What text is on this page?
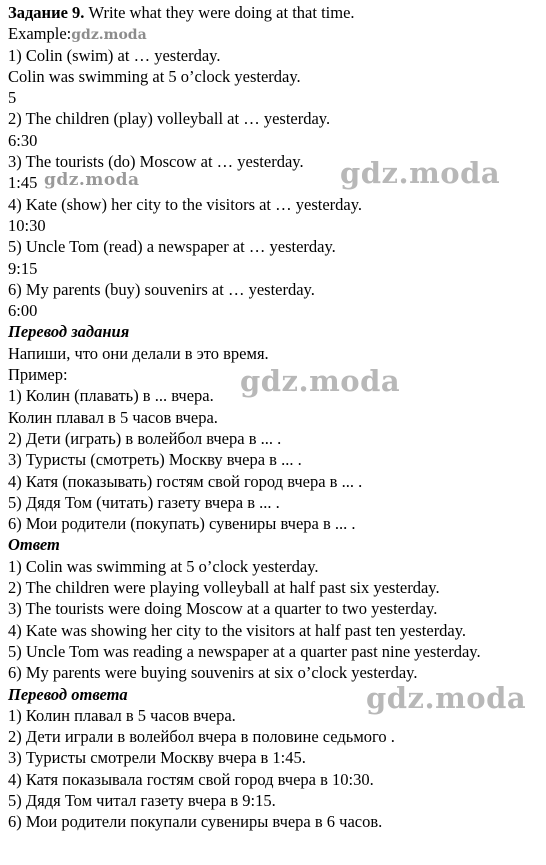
Задание 9. Write what they were doing at that time.
Example:gdz.moda
1) Colin (swim) at … yesterday.
Colin was swimming at 5 o’clock yesterday.
5
2) The children (play) volleyball at … yesterday.
6:30
3) The tourists (do) Moscow at … yesterday.
1:45
4) Kate (show) her city to the visitors at … yesterday.
10:30
5) Uncle Tom (read) a newspaper at … yesterday.
9:15
6) My parents (buy) souvenirs at … yesterday.
6:00
Перевод задания
Напиши, что они делали в это время.
Пример:
1) Колин (плавать) в ... вчера.
Колин плавал в 5 часов вчера.
2) Дети (играть) в волейбол вчера в ... .
3) Туристы (смотреть) Москву вчера в ... .
4) Катя (показывать) гостям свой город вчера в ... .
5) Дядя Том (читать) газету вчера в ... .
6) Мои родители (покупать) сувениры вчера в ... .
Ответ
1) Colin was swimming at 5 o’clock yesterday.
2) The children were playing volleyball at half past six yesterday.
3) The tourists were doing Moscow at a quarter to two yesterday.
4) Kate was showing her city to the visitors at half past ten yesterday.
5) Uncle Tom was reading a newspaper at a quarter past nine yesterday.
6) My parents were buying souvenirs at six o’clock yesterday.
Перевод ответа
1) Колин плавал в 5 часов вчера.
2) Дети играли в волейбол вчера в половине седьмого .
3) Туристы смотрели Москву вчера в 1:45.
4) Катя показывала гостям свой город вчера в 10:30.
5) Дядя Том читал газету вчера в 9:15.
6) Мои родители покупали сувениры вчера в 6 часов.
gdz.moda	gdz.moda
gdz.moda
gdz.moda
